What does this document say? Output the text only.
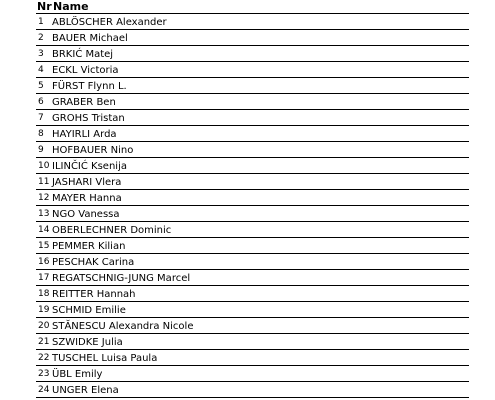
Nr Name
1 ABLÖSCHER Alexander
2 BAUER Michael
3 BRKIĆ Matej
4 ECKL Victoria
5 FÜRST Flynn L.
6 GRABER Ben
7 GROHS Tristan
8 HAYIRLI Arda
9 HOFBAUER Nino
10 ILINČIĆ Ksenija
11 JASHARI Vlera
12 MAYER Hanna
13 NGO Vanessa
14 OBERLECHNER Dominic
15 PEMMER Kilian
16 PESCHAK Carina
17 REGATSCHNIG-JUNG Marcel
18 REITTER Hannah
19 SCHMID Emilie
20 STĂNESCU Alexandra Nicole
21 SZWIDKE Julia
22 TUSCHEL Luisa Paula
23 ÜBL Emily
24 UNGER Elena
